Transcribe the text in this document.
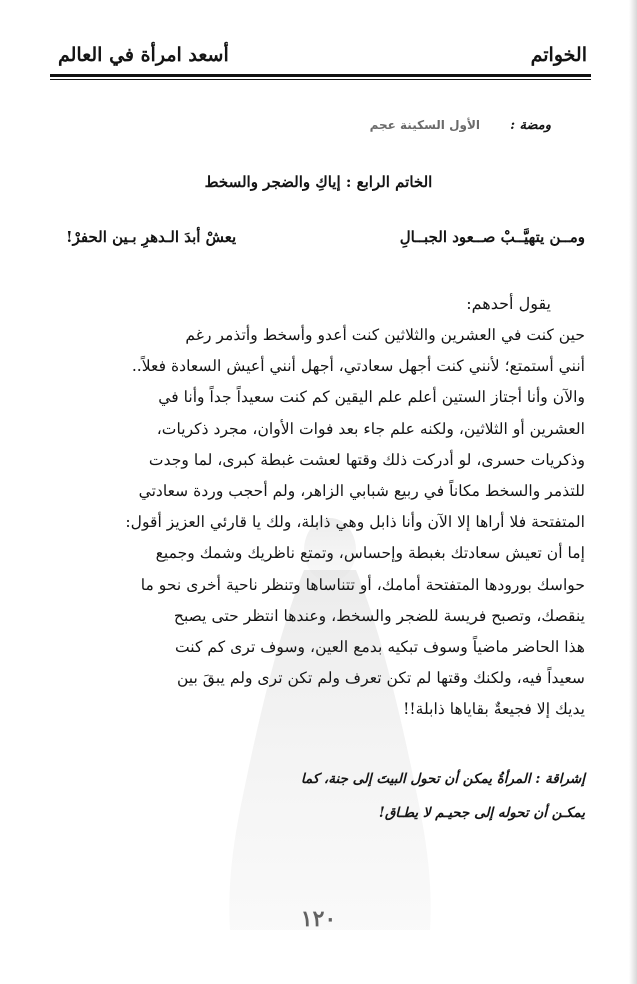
أسعد امرأة في العالم	الخواتم
ومضة :
الأول السكينة عجم
الخاتم الرابع : إياكِ والضجر والسخط
ومــن يتهيَّــبْ صــعود الجبــالِ
يعشْ أبدَ الـدهرِ بـين الحفرْ!
يقول أحدهم:
حين كنت في العشرين والثلاثين كنت أعدو وأسخط وأتذمر رغم
أنني أستمتع؛ لأنني كنت أجهل سعادتي، أجهل أنني أعيش السعادة فعلاً..
والآن وأنا أجتاز الستين أعلم علم اليقين كم كنت سعيداً جداً وأنا في
العشرين أو الثلاثين، ولكنه علم جاء بعد فوات الأوان، مجرد ذكريات،
وذكريات حسرى، لو أدركت ذلك وقتها لعشت غبطة كبرى، لما وجدت
للتذمر والسخط مكاناً في ربيع شبابي الزاهر، ولم أحجب وردة سعادتي
المتفتحة فلا أراها إلا الآن وأنا ذابل وهي ذابلة، ولك يا قارئي العزيز أقول:
إما أن تعيش سعادتك بغبطة وإحساس، وتمتع ناظريك وشمك وجميع
حواسك بورودها المتفتحة أمامك، أو تتناساها وتنظر ناحية أخرى نحو ما
ينقصك، وتصبح فريسة للضجر والسخط، وعندها انتظر حتى يصبح
هذا الحاضر ماضياً وسوف تبكيه بدمع العين، وسوف ترى كم كنت
سعيداً فيه، ولكنك وقتها لم تكن تعرف ولم تكن ترى ولم يبقَ بين
يديك إلا فجيعةٌ بقاياها ذابلة!!
إشراقة : المرأةُ يمكن أن تحول البيتَ إلى جنة، كما
يمكـن أن تحوله إلى جحيـم لا يطـاق!
